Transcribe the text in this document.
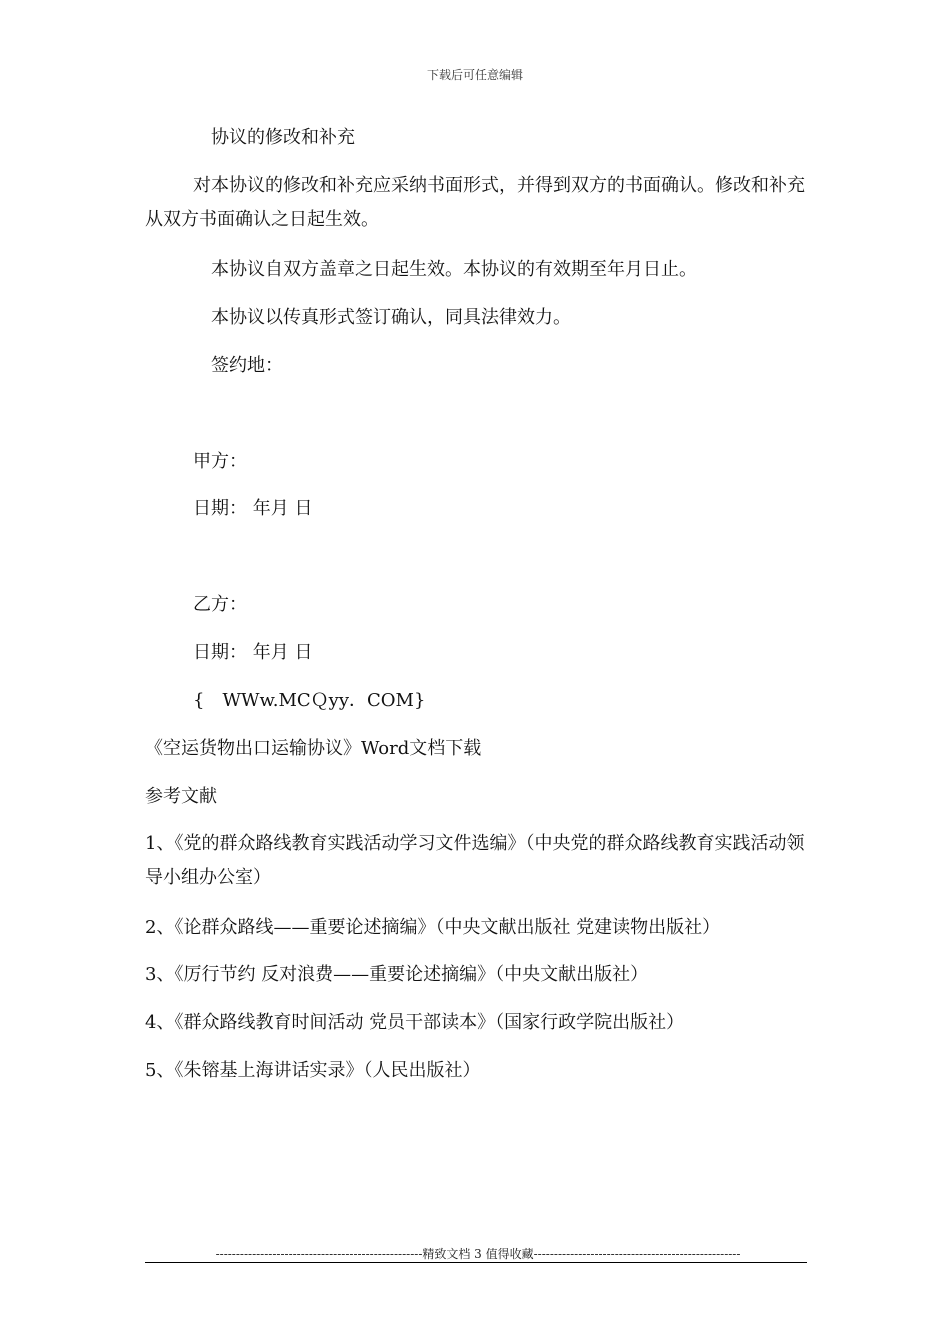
下载后可任意编辑
协议的修改和补充
对本协议的修改和补充应采纳书面形式，并得到双方的书面确认。修改和补充从双方书面确认之日起生效。
本协议自双方盖章之日起生效。本协议的有效期至年月日止。
本协议以传真形式签订确认，同具法律效力。
签约地：
甲方：
日期： 年月 日
乙方：
日期： 年月 日
{　WWw.MCＱyy．COM}
《空运货物出口运输协议》Word文档下载
参考文献
1、《党的群众路线教育实践活动学习文件选编》（中央党的群众路线教育实践活动领导小组办公室）
2、《论群众路线——重要论述摘编》（中央文献出版社 党建读物出版社）
3、《厉行节约 反对浪费——重要论述摘编》（中央文献出版社）
4、《群众路线教育时间活动 党员干部读本》（国家行政学院出版社）
5、《朱镕基上海讲话实录》（人民出版社）
---------------------------------------------------精致文档 3 值得收藏---------------------------------------------------
